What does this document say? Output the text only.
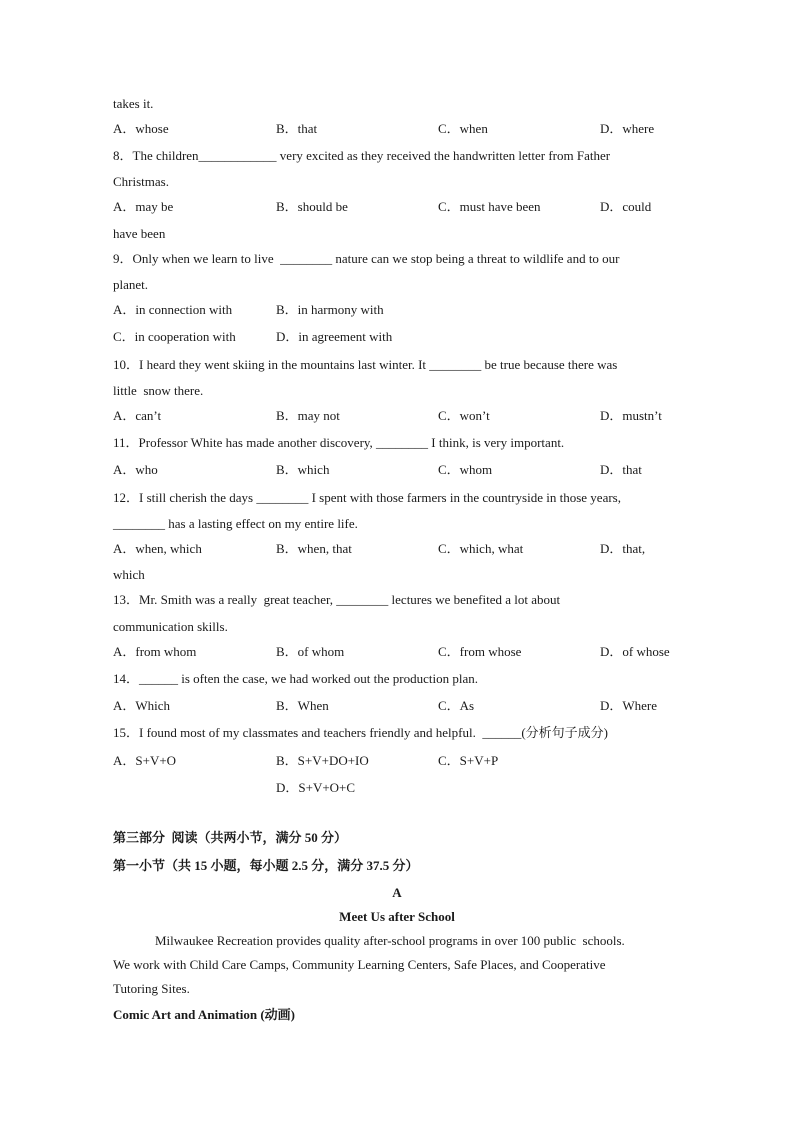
takes it.
A．whose	B．that	C．when	D．where
8．The children____________ very excited as they received the handwritten letter from Father
Christmas.
A．may be	B．should be	C．must have been	D．could
have been
9．Only when we learn to live  ________ nature can we stop being a threat to wildlife and to our
planet.
A．in connection with	B．in harmony with
C．in cooperation with	D．in agreement with
10．I heard they went skiing in the mountains last winter. It ________ be true because there was
little  snow there.
A．can’t	B．may not	C．won’t	D．mustn’t
11．Professor White has made another discovery, ________ I think, is very important.
A．who	B．which	C．whom	D．that
12．I still cherish the days ________ I spent with those farmers in the countryside in those years,
________ has a lasting effect on my entire life.
A．when, which	B．when, that	C．which, what	D．that,
which
13．Mr. Smith was a really  great teacher, ________ lectures we benefited a lot about
communication skills.
A．from whom	B．of whom	C．from whose	D．of whose
14．______ is often the case, we had worked out the production plan.
A．Which	B．When	C．As	D．Where
15．I found most of my classmates and teachers friendly and helpful.  ______(分析句子成分)
A．S+V+O	B．S+V+DO+IO	C．S+V+P
D．S+V+O+C
第三部分  阅读（共两小节，满分 50 分）
第一小节（共 15 小题，每小题 2.5 分，满分 37.5 分）
A
Meet Us after School
Milwaukee Recreation provides quality after-school programs in over 100 public  schools.
We work with Child Care Camps, Community Learning Centers, Safe Places, and Cooperative
Tutoring Sites.
Comic Art and Animation (动画)
